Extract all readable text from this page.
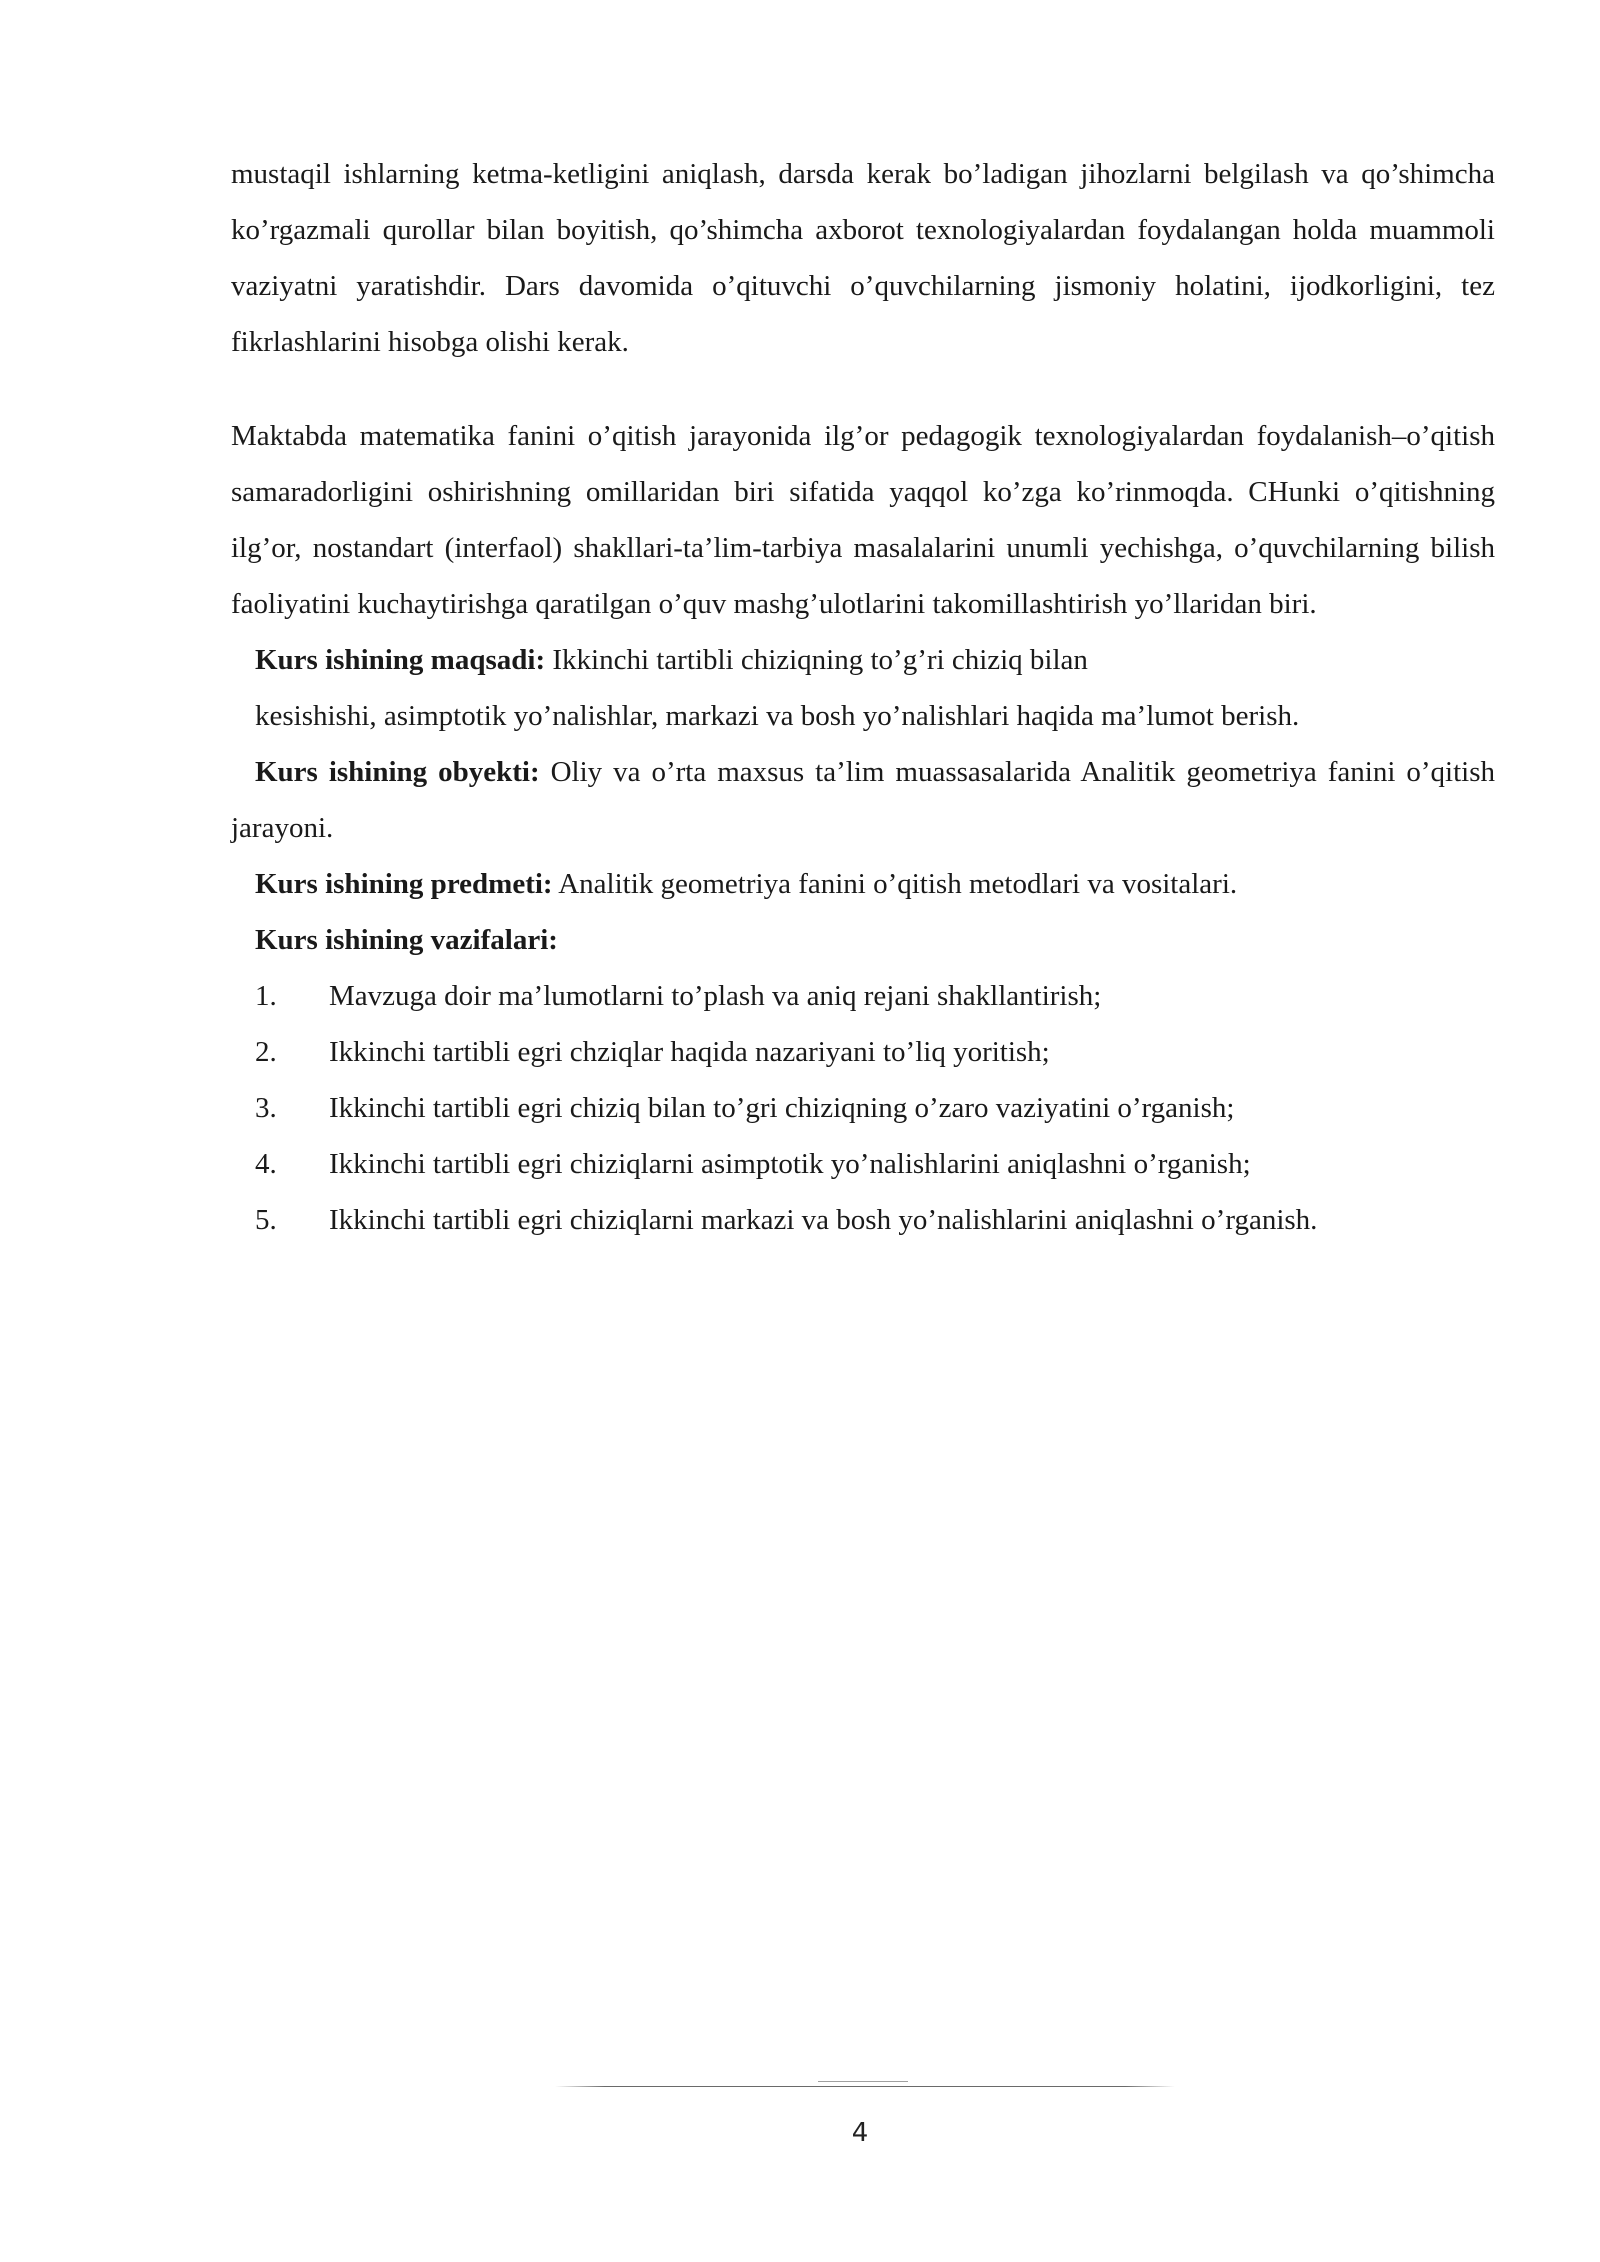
mustaqil ishlarning ketma-ketligini aniqlash, darsda kerak bo’ladigan jihozlarni belgilash va qo’shimcha ko’rgazmali qurollar bilan boyitish, qo’shimcha axborot texnologiyalardan foydalangan holda muammoli vaziyatni yaratishdir. Dars davomida o’qituvchi o’quvchilarning jismoniy holatini, ijodkorligini, tez fikrlashlarini hisobga olishi kerak.

Maktabda matematika fanini o’qitish jarayonida ilg’or pedagogik texnologiyalardan foydalanish–o’qitish samaradorligini oshirishning omillaridan biri sifatida yaqqol ko’zga ko’rinmoqda. CHunki o’qitishning ilg’or, nostandart (interfaol) shakllari-ta’lim-tarbiya masalalarini unumli yechishga, o’quvchilarning bilish faoliyatini kuchaytirishga qaratilgan o’quv mashg’ulotlarini takomillashtirish yo’llaridan biri.

Kurs ishining maqsadi: Ikkinchi tartibli chiziqning to’g’ri chiziq bilan

kesishishi, asimptotik yo’nalishlar, markazi va bosh yo’nalishlari haqida ma’lumot berish.

Kurs ishining obyekti: Oliy va o’rta maxsus ta’lim muassasalarida Analitik geometriya fanini o’qitish jarayoni.

Kurs ishining predmeti: Analitik geometriya fanini o’qitish metodlari va vositalari.

Kurs ishining vazifalari:

1.	Mavzuga doir ma’lumotlarni to’plash va aniq rejani shakllantirish;
2.	Ikkinchi tartibli egri chziqlar haqida nazariyani to’liq yoritish;
3.	Ikkinchi tartibli egri chiziq bilan to’gri chiziqning o’zaro vaziyatini o’rganish;
4.	Ikkinchi tartibli egri chiziqlarni asimptotik yo’nalishlarini aniqlashni o’rganish;
5.	Ikkinchi tartibli egri chiziqlarni markazi va bosh yo’nalishlarini aniqlashni o’rganish.
4
